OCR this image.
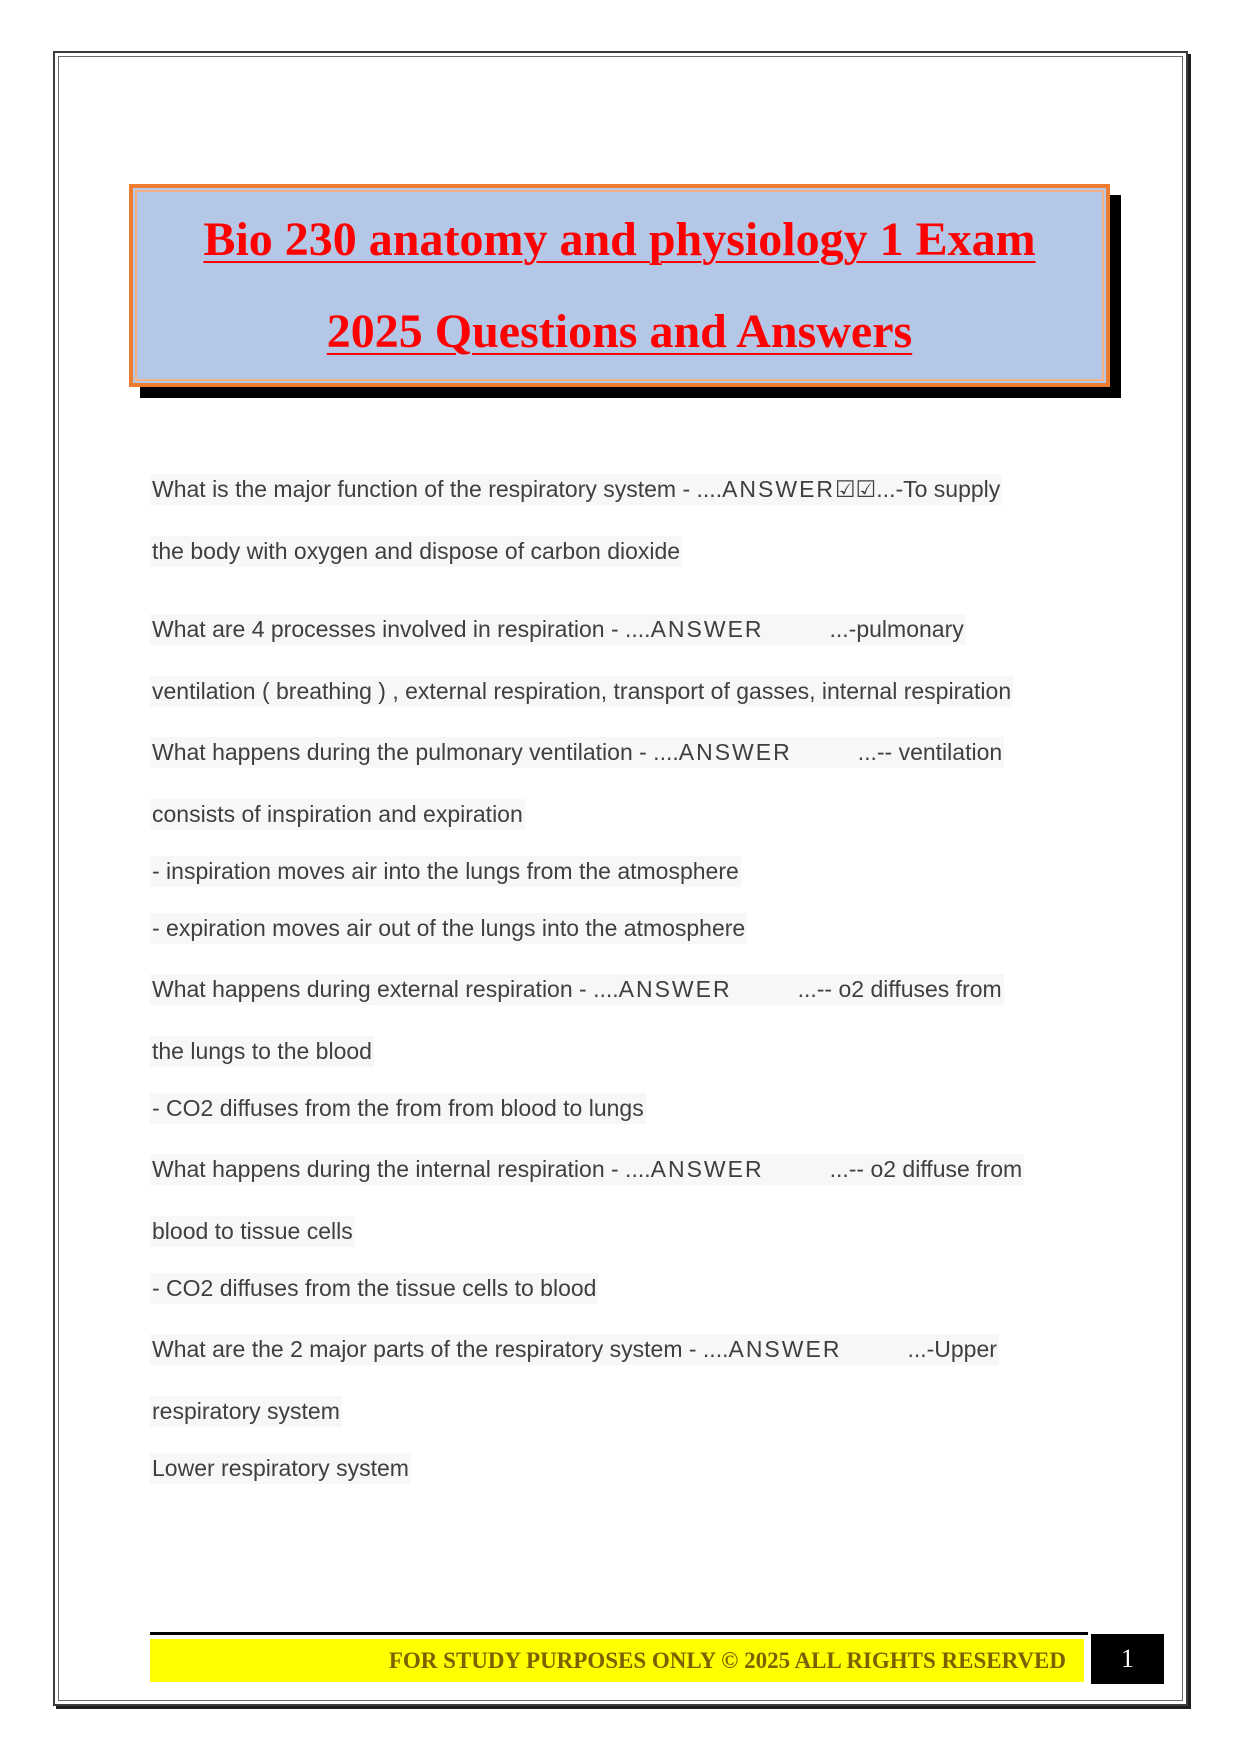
Bio 230 anatomy and physiology 1 Exam
2025 Questions and Answers
What is the major function of the respiratory system - ....ANSWER☑☑...-To supply
the body with oxygen and dispose of carbon dioxide
What are 4 processes involved in respiration - ....ANSWER	...-pulmonary
ventilation ( breathing ) , external respiration, transport of gasses, internal respiration
What happens during the pulmonary ventilation - ....ANSWER	...-- ventilation
consists of inspiration and expiration
- inspiration moves air into the lungs from the atmosphere
- expiration moves air out of the lungs into the atmosphere
What happens during external respiration - ....ANSWER	...-- o2 diffuses from
the lungs to the blood
- CO2 diffuses from the from from blood to lungs
What happens during the internal respiration - ....ANSWER	...-- o2 diffuse from
blood to tissue cells
- CO2 diffuses from the tissue cells to blood
What are the 2 major parts of the respiratory system - ....ANSWER	...-Upper
respiratory system
Lower respiratory system
FOR STUDY PURPOSES ONLY © 2025 ALL RIGHTS RESERVED	1
